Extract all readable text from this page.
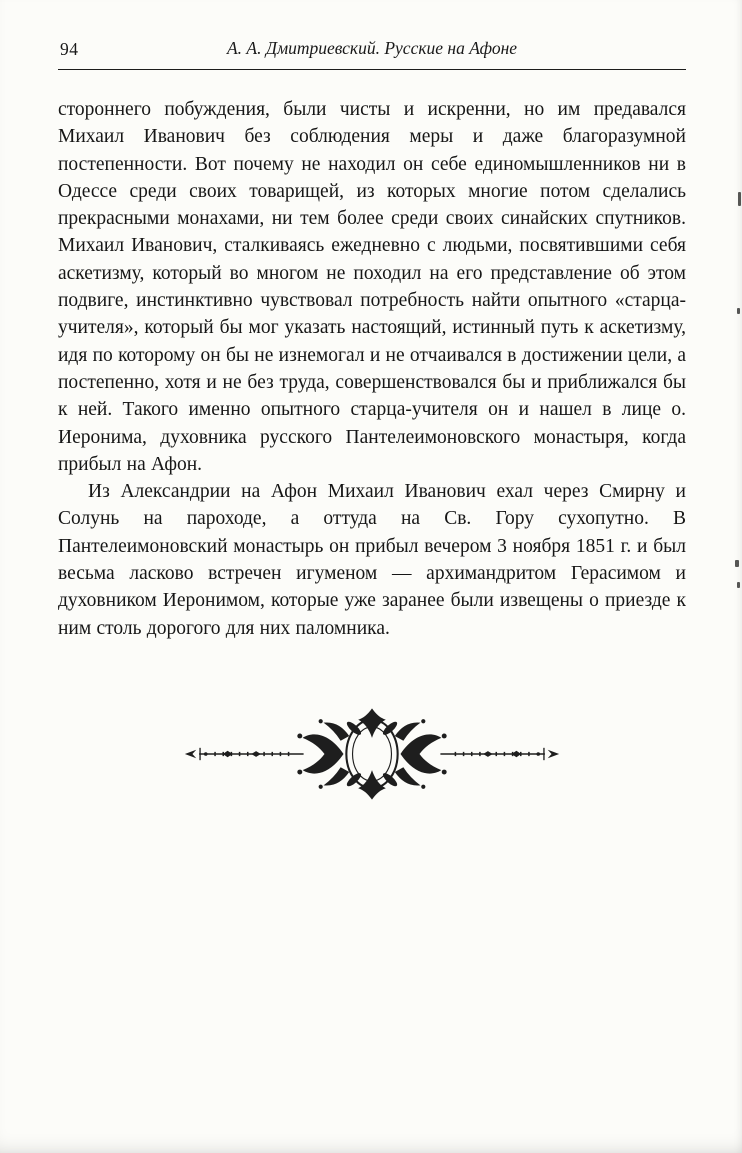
94	А. А. Дмитриевский. Русские на Афоне

стороннего побуждения, были чисты и искренни, но им предавался Михаил Иванович без соблюдения меры и даже благоразумной постепенности. Вот почему не находил он себе единомышленников ни в Одессе среди своих товарищей, из которых многие потом сделались прекрасными монахами, ни тем более среди своих синайских спутников. Михаил Иванович, сталкиваясь ежедневно с людьми, посвятившими себя аскетизму, который во многом не походил на его представление об этом подвиге, инстинктивно чувствовал потребность найти опытного «старца-учителя», который бы мог указать настоящий, истинный путь к аскетизму, идя по которому он бы не изнемогал и не отчаивался в достижении цели, а постепенно, хотя и не без труда, совершенствовался бы и приближался бы к ней. Такого именно опытного старца-учителя он и нашел в лице о. Иеронима, духовника русского Пантелеимоновского монастыря, когда прибыл на Афон.

Из Александрии на Афон Михаил Иванович ехал через Смирну и Солунь на пароходе, а оттуда на Св. Гору сухопутно. В Пантелеимоновский монастырь он прибыл вечером 3 ноября 1851 г. и был весьма ласково встречен игуменом — архимандритом Герасимом и духовником Иеронимом, которые уже заранее были извещены о приезде к ним столь дорогого для них паломника.
